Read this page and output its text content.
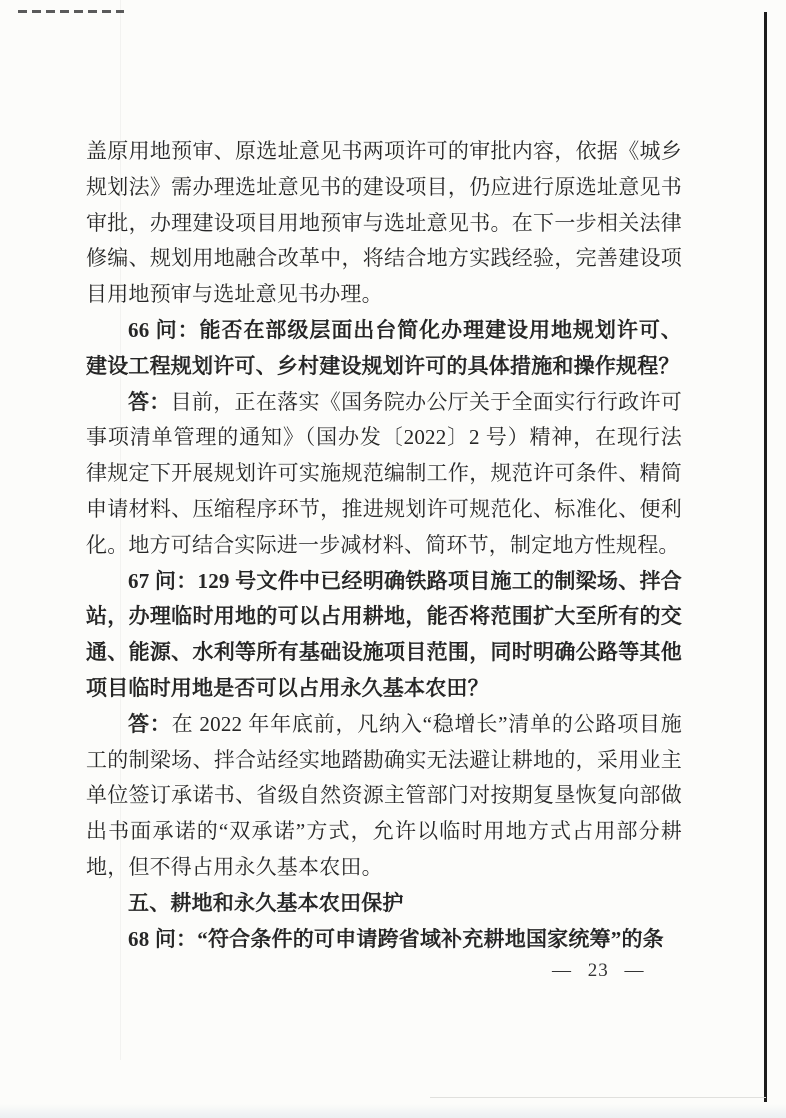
盖原用地预审、原选址意见书两项许可的审批内容，依据《城乡规划法》需办理选址意见书的建设项目，仍应进行原选址意见书审批，办理建设项目用地预审与选址意见书。在下一步相关法律修编、规划用地融合改革中，将结合地方实践经验，完善建设项目用地预审与选址意见书办理。

66 问：能否在部级层面出台简化办理建设用地规划许可、建设工程规划许可、乡村建设规划许可的具体措施和操作规程？

答：目前，正在落实《国务院办公厅关于全面实行行政许可事项清单管理的通知》（国办发〔2022〕2 号）精神，在现行法律规定下开展规划许可实施规范编制工作，规范许可条件、精简申请材料、压缩程序环节，推进规划许可规范化、标准化、便利化。地方可结合实际进一步减材料、简环节，制定地方性规程。

67 问：129 号文件中已经明确铁路项目施工的制梁场、拌合站，办理临时用地的可以占用耕地，能否将范围扩大至所有的交通、能源、水利等所有基础设施项目范围，同时明确公路等其他项目临时用地是否可以占用永久基本农田？

答：在 2022 年年底前，凡纳入“稳增长”清单的公路项目施工的制梁场、拌合站经实地踏勘确实无法避让耕地的，采用业主单位签订承诺书、省级自然资源主管部门对按期复垦恢复向部做出书面承诺的“双承诺”方式，允许以临时用地方式占用部分耕地，但不得占用永久基本农田。

五、耕地和永久基本农田保护

68 问：“符合条件的可申请跨省域补充耕地国家统筹”的条

— 23 —
